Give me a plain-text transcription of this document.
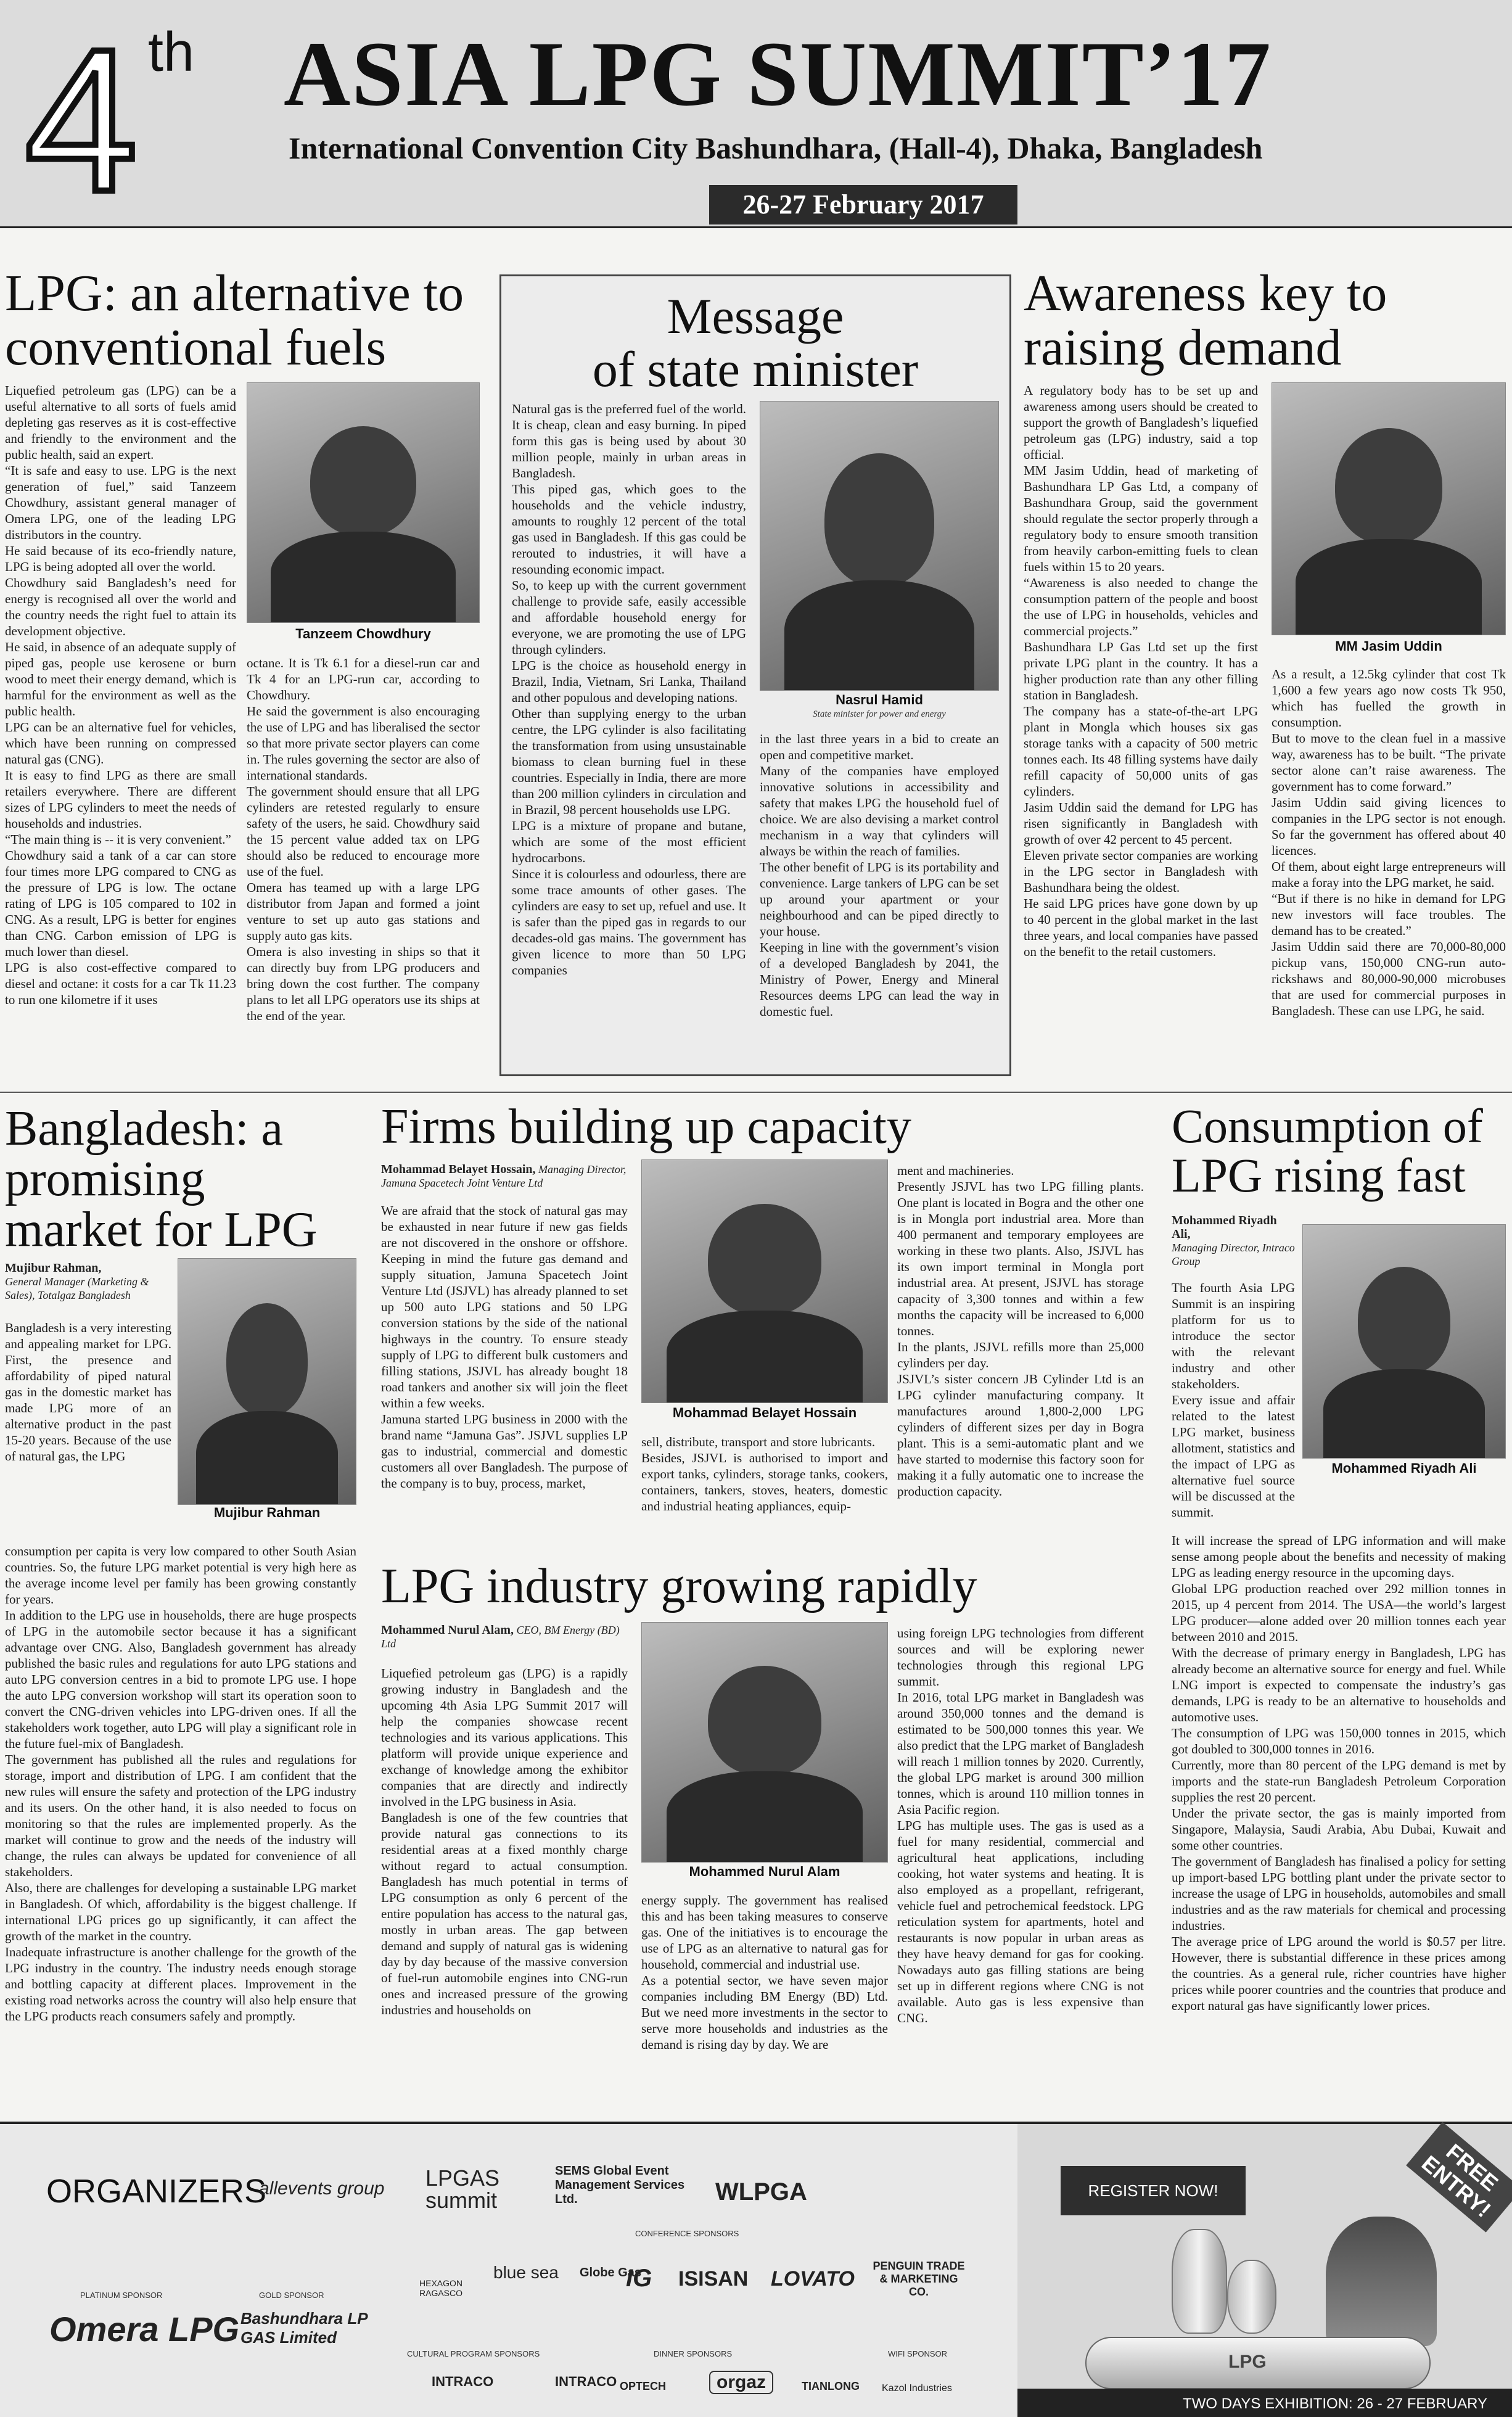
4 th ASIA LPG SUMMIT’17
International Convention City Bashundhara, (Hall-4), Dhaka, Bangladesh
26-27 February 2017
LPG: an alternative to
conventional fuels
Liquefied petroleum gas (LPG) can be a useful alternative to all sorts of fuels amid depleting gas reserves as it is cost-effective and friendly to the environment and the public health, said an expert.
“It is safe and easy to use. LPG is the next generation of fuel,” said Tanzeem Chowdhury, assistant general manager of Omera LPG, one of the leading LPG distributors in the country.
He said because of its eco-friendly nature, LPG is being adopted all over the world.
Chowdhury said Bangladesh’s need for energy is recognised all over the world and the country needs the right fuel to attain its development objective.
He said, in absence of an adequate supply of piped gas, people use kerosene or burn wood to meet their energy demand, which is harmful for the environment as well as the public health.
LPG can be an alternative fuel for vehicles, which have been running on compressed natural gas (CNG).
It is easy to find LPG as there are small retailers everywhere. There are different sizes of LPG cylinders to meet the needs of households and industries.
“The main thing is -- it is very convenient.”
Chowdhury said a tank of a car can store four times more LPG compared to CNG as the pressure of LPG is low. The octane rating of LPG is 105 compared to 102 in CNG. As a result, LPG is better for engines than CNG. Carbon emission of LPG is much lower than diesel.
LPG is also cost-effective compared to diesel and octane: it costs for a car Tk 11.23 to run one kilometre if it uses
Tanzeem Chowdhury
octane. It is Tk 6.1 for a diesel-run car and Tk 4 for an LPG-run car, according to Chowdhury.
He said the government is also encouraging the use of LPG and has liberalised the sector so that more private sector players can come in. The rules governing the sector are also of international standards.
The government should ensure that all LPG cylinders are retested regularly to ensure safety of the users, he said. Chowdhury said the 15 percent value added tax on LPG should also be reduced to encourage more use of the fuel.
Omera has teamed up with a large LPG distributor from Japan and formed a joint venture to set up auto gas stations and supply auto gas kits.
Omera is also investing in ships so that it can directly buy from LPG producers and bring down the cost further. The company plans to let all LPG operators use its ships at the end of the year.
Message
of state minister
Natural gas is the preferred fuel of the world. It is cheap, clean and easy burning. In piped form this gas is being used by about 30 million people, mainly in urban areas in Bangladesh.
This piped gas, which goes to the households and the vehicle industry, amounts to roughly 12 percent of the total gas used in Bangladesh. If this gas could be rerouted to industries, it will have a resounding economic impact.
So, to keep up with the current government challenge to provide safe, easily accessible and affordable household energy for everyone, we are promoting the use of LPG through cylinders.
LPG is the choice as household energy in Brazil, India, Vietnam, Sri Lanka, Thailand and other populous and developing nations.
Other than supplying energy to the urban centre, the LPG cylinder is also facilitating the transformation from using unsustainable biomass to clean burning fuel in these countries. Especially in India, there are more than 200 million cylinders in circulation and in Brazil, 98 percent households use LPG.
LPG is a mixture of propane and butane, which are some of the most efficient hydrocarbons.
Since it is colourless and odourless, there are some trace amounts of other gases. The cylinders are easy to set up, refuel and use. It is safer than the piped gas in regards to our decades-old gas mains. The government has given licence to more than 50 LPG companies
Nasrul Hamid
State minister for power and energy
in the last three years in a bid to create an open and competitive market.
Many of the companies have employed innovative solutions in accessibility and safety that makes LPG the household fuel of choice. We are also devising a market control mechanism in a way that cylinders will always be within the reach of families.
The other benefit of LPG is its portability and convenience. Large tankers of LPG can be set up around your apartment or your neighbourhood and can be piped directly to your house.
Keeping in line with the government’s vision of a developed Bangladesh by 2041, the Ministry of Power, Energy and Mineral Resources deems LPG can lead the way in domestic fuel.
Awareness key to
raising demand
A regulatory body has to be set up and awareness among users should be created to support the growth of Bangladesh’s liquefied petroleum gas (LPG) industry, said a top official.
MM Jasim Uddin, head of marketing of Bashundhara LP Gas Ltd, a company of Bashundhara Group, said the government should regulate the sector properly through a regulatory body to ensure smooth transition from heavily carbon-emitting fuels to clean fuels within 15 to 20 years.
“Awareness is also needed to change the consumption pattern of the people and boost the use of LPG in households, vehicles and commercial projects.”
Bashundhara LP Gas Ltd set up the first private LPG plant in the country. It has a higher production rate than any other filling station in Bangladesh.
The company has a state-of-the-art LPG plant in Mongla which houses six gas storage tanks with a capacity of 500 metric tonnes each. Its 48 filling systems have daily refill capacity of 50,000 units of gas cylinders.
Jasim Uddin said the demand for LPG has risen significantly in Bangladesh with growth of over 42 percent to 45 percent.
Eleven private sector companies are working in the LPG sector in Bangladesh with Bashundhara being the oldest.
He said LPG prices have gone down by up to 40 percent in the global market in the last three years, and local companies have passed on the benefit to the retail customers.
MM Jasim Uddin
As a result, a 12.5kg cylinder that cost Tk 1,600 a few years ago now costs Tk 950, which has fuelled the growth in consumption.
But to move to the clean fuel in a massive way, awareness has to be built. “The private sector alone can’t raise awareness. The government has to come forward.”
Jasim Uddin said giving licences to companies in the LPG sector is not enough. So far the government has offered about 40 licences.
Of them, about eight large entrepreneurs will make a foray into the LPG market, he said.
“But if there is no hike in demand for LPG new investors will face troubles. The demand has to be created.”
Jasim Uddin said there are 70,000-80,000 pickup vans, 150,000 CNG-run auto-rickshaws and 80,000-90,000 microbuses that are used for commercial purposes in Bangladesh. These can use LPG, he said.
Bangladesh: a
promising
market for LPG
Mujibur Rahman,
General Manager (Marketing & Sales), Totalgaz Bangladesh
Mujibur Rahman
Bangladesh is a very interesting and appealing market for LPG. First, the presence and affordability of piped natural gas in the domestic market has made LPG more of an alternative product in the past 15-20 years. Because of the use of natural gas, the LPG
consumption per capita is very low compared to other South Asian countries. So, the future LPG market potential is very high here as the average income level per family has been growing constantly for years.
In addition to the LPG use in households, there are huge prospects of LPG in the automobile sector because it has a significant advantage over CNG. Also, Bangladesh government has already published the basic rules and regulations for auto LPG stations and auto LPG conversion centres in a bid to promote LPG use. I hope the auto LPG conversion workshop will start its operation soon to convert the CNG-driven vehicles into LPG-driven ones. If all the stakeholders work together, auto LPG will play a significant role in the future fuel-mix of Bangladesh.
The government has published all the rules and regulations for storage, import and distribution of LPG. I am confident that the new rules will ensure the safety and protection of the LPG industry and its users. On the other hand, it is also needed to focus on monitoring so that the rules are implemented properly. As the market will continue to grow and the needs of the industry will change, the rules can always be updated for convenience of all stakeholders.
Also, there are challenges for developing a sustainable LPG market in Bangladesh. Of which, affordability is the biggest challenge. If international LPG prices go up significantly, it can affect the growth of the market in the country.
Inadequate infrastructure is another challenge for the growth of the LPG industry in the country. The industry needs enough storage and bottling capacity at different places. Improvement in the existing road networks across the country will also help ensure that the LPG products reach consumers safely and promptly.
Firms building up capacity
Mohammad Belayet Hossain, Managing Director, Jamuna Spacetech Joint Venture Ltd
We are afraid that the stock of natural gas may be exhausted in near future if new gas fields are not discovered in the onshore or offshore. Keeping in mind the future gas demand and supply situation, Jamuna Spacetech Joint Venture Ltd (JSJVL) has already planned to set up 500 auto LPG stations and 50 LPG conversion stations by the side of the national highways in the country. To ensure steady supply of LPG to different bulk customers and filling stations, JSJVL has already bought 18 road tankers and another six will join the fleet within a few weeks.
Jamuna started LPG business in 2000 with the brand name “Jamuna Gas”. JSJVL supplies LP gas to industrial, commercial and domestic customers all over Bangladesh. The purpose of the company is to buy, process, market,
Mohammad Belayet Hossain
sell, distribute, transport and store lubricants.
Besides, JSJVL is authorised to import and export tanks, cylinders, storage tanks, cookers, containers, tankers, stoves, heaters, domestic and industrial heating appliances, equip-
ment and machineries.
Presently JSJVL has two LPG filling plants. One plant is located in Bogra and the other one is in Mongla port industrial area. More than 400 permanent and temporary employees are working in these two plants. Also, JSJVL has its own import terminal in Mongla port industrial area. At present, JSJVL has storage capacity of 3,300 tonnes and within a few months the capacity will be increased to 6,000 tonnes.
In the plants, JSJVL refills more than 25,000 cylinders per day.
JSJVL’s sister concern JB Cylinder Ltd is an LPG cylinder manufacturing company. It manufactures around 1,800-2,000 LPG cylinders of different sizes per day in Bogra plant. This is a semi-automatic plant and we have started to modernise this factory soon for making it a fully automatic one to increase the production capacity.
Consumption of
LPG rising fast
Mohammed Riyadh Ali,
Managing Director, Intraco Group
Mohammed Riyadh Ali
The fourth Asia LPG Summit is an inspiring platform for us to introduce the sector with the relevant industry and other stakeholders.
Every issue and affair related to the latest LPG market, business allotment, statistics and the impact of LPG as alternative fuel source will be discussed at the summit.
It will increase the spread of LPG information and will make sense among people about the benefits and necessity of making LPG as leading energy resource in the upcoming days.
Global LPG production reached over 292 million tonnes in 2015, up 4 percent from 2014. The USA—the world’s largest LPG producer—alone added over 20 million tonnes each year between 2010 and 2015.
With the decrease of primary energy in Bangladesh, LPG has already become an alternative source for energy and fuel. While LNG import is expected to compensate the industry’s gas demands, LPG is ready to be an alternative to households and automotive uses.
The consumption of LPG was 150,000 tonnes in 2015, which got doubled to 300,000 tonnes in 2016.
Currently, more than 80 percent of the LPG demand is met by imports and the state-run Bangladesh Petroleum Corporation supplies the rest 20 percent.
Under the private sector, the gas is mainly imported from Singapore, Malaysia, Saudi Arabia, Abu Dubai, Kuwait and some other countries.
The government of Bangladesh has finalised a policy for setting up import-based LPG bottling plant under the private sector to increase the usage of LPG in households, automobiles and small industries and as the raw materials for chemical and processing industries.
The average price of LPG around the world is $0.57 per litre. However, there is substantial difference in these prices among the countries. As a general rule, richer countries have higher prices while poorer countries and the countries that produce and export natural gas have significantly lower prices.
LPG industry growing rapidly
Mohammed Nurul Alam, CEO, BM Energy (BD) Ltd
Liquefied petroleum gas (LPG) is a rapidly growing industry in Bangladesh and the upcoming 4th Asia LPG Summit 2017 will help the companies showcase recent technologies and its various applications. This platform will provide unique experience and exchange of knowledge among the exhibitor companies that are directly and indirectly involved in the LPG business in Asia.
Bangladesh is one of the few countries that provide natural gas connections to its residential areas at a fixed monthly charge without regard to actual consumption. Bangladesh has much potential in terms of LPG consumption as only 6 percent of the entire population has access to the natural gas, mostly in urban areas. The gap between demand and supply of natural gas is widening day by day because of the massive conversion of fuel-run automobile engines into CNG-run ones and increased pressure of the growing industries and households on
Mohammed Nurul Alam
energy supply. The government has realised this and has been taking measures to conserve gas. One of the initiatives is to encourage the use of LPG as an alternative to natural gas for household, commercial and industrial use.
As a potential sector, we have seven major companies including BM Energy (BD) Ltd. But we need more investments in the sector to serve more households and industries as the demand is rising day by day. We are
using foreign LPG technologies from different sources and will be exploring newer technologies through this regional LPG summit.
In 2016, total LPG market in Bangladesh was around 350,000 tonnes and the demand is estimated to be 500,000 tonnes this year. We also predict that the LPG market of Bangladesh will reach 1 million tonnes by 2020. Currently, the global LPG market is around 300 million tonnes, which is around 110 million tonnes in Asia Pacific region.
LPG has multiple uses. The gas is used as a fuel for many residential, commercial and agricultural heat applications, including cooking, hot water systems and heating. It is also employed as a propellant, refrigerant, vehicle fuel and petrochemical feedstock. LPG reticulation system for apartments, hotel and restaurants is now popular in urban areas as they have heavy demand for gas for cooking. Nowadays auto gas filling stations are being set up in different regions where CNG is not available. Auto gas is less expensive than CNG.
ORGANIZERS
allevents group LPGAS summit
SEMS Global Event Management Services Ltd.	WLPGA
PLATINUM SPONSOR
Omera LPG
GOLD SPONSOR
Bashundhara LP GAS Limited
HEXAGON RAGASCO
blue sea Globe Gas
CONFERENCE SPONSORS
IG ISISAN LOVATO
PENGUIN TRADE & MARKETING CO.
CULTURAL PROGRAM SPONSORS
INTRACO	INTRACO
DINNER SPONSORS
OPTECH	orgaz	TIANLONG
WIFI SPONSOR
Kazol Industries
REGISTER NOW!	FREE ENTRY!
LPG
TWO DAYS EXHIBITION: 26 - 27 FEBRUARY
